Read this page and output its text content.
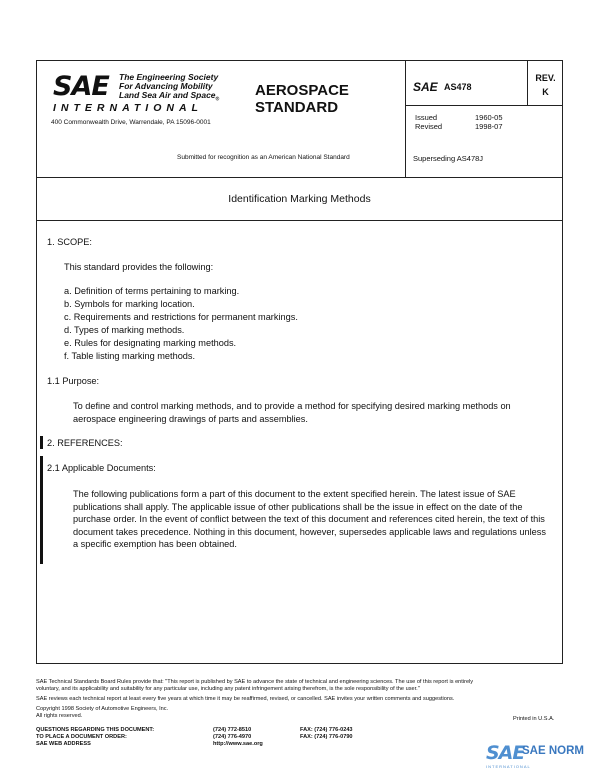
SAE The Engineering Society
For Advancing Mobility
Land Sea Air and Space$_®$
INTERNATIONAL
400 Commonwealth Drive, Warrendale, PA 15096-0001
AEROSPACE
STANDARD
Submitted for recognition as an American National Standard
SAE AS478
REV.
K
Issued	1960-05
Revised	1998-07
Superseding AS478J
Identification Marking Methods
1. SCOPE:
This standard provides the following:
a. Definition of terms pertaining to marking.
b. Symbols for marking location.
c. Requirements and restrictions for permanent markings.
d. Types of marking methods.
e. Rules for designating marking methods.
f. Table listing marking methods.
1.1 Purpose:
To define and control marking methods, and to provide a method for specifying desired marking methods on aerospace engineering drawings of parts and assemblies.
2. REFERENCES:
2.1 Applicable Documents:
The following publications form a part of this document to the extent specified herein. The latest issue of SAE publications shall apply. The applicable issue of other publications shall be the issue in effect on the date of the purchase order. In the event of conflict between the text of this document and references cited herein, the text of this document takes precedence. Nothing in this document, however, supersedes applicable laws and regulations unless a specific exemption has been obtained.
SAE Technical Standards Board Rules provide that: "This report is published by SAE to advance the state of technical and engineering sciences. The use of this report is entirely
voluntary, and its applicability and suitability for any particular use, including any patent infringement arising therefrom, is the sole responsibility of the user."
SAE reviews each technical report at least every five years at which time it may be reaffirmed, revised, or cancelled. SAE invites your written comments and suggestions.
Copyright 1998 Society of Automotive Engineers, Inc.
All rights reserved.	Printed in U.S.A.
QUESTIONS REGARDING THIS DOCUMENT:	(724) 772-8510	FAX: (724) 776-0243
TO PLACE A DOCUMENT ORDER:	(724) 776-4970	FAX: (724) 776-0790
SAE WEB ADDRESS	http://www.sae.org	SAE
SAE NORM
INTERNATIONAL
